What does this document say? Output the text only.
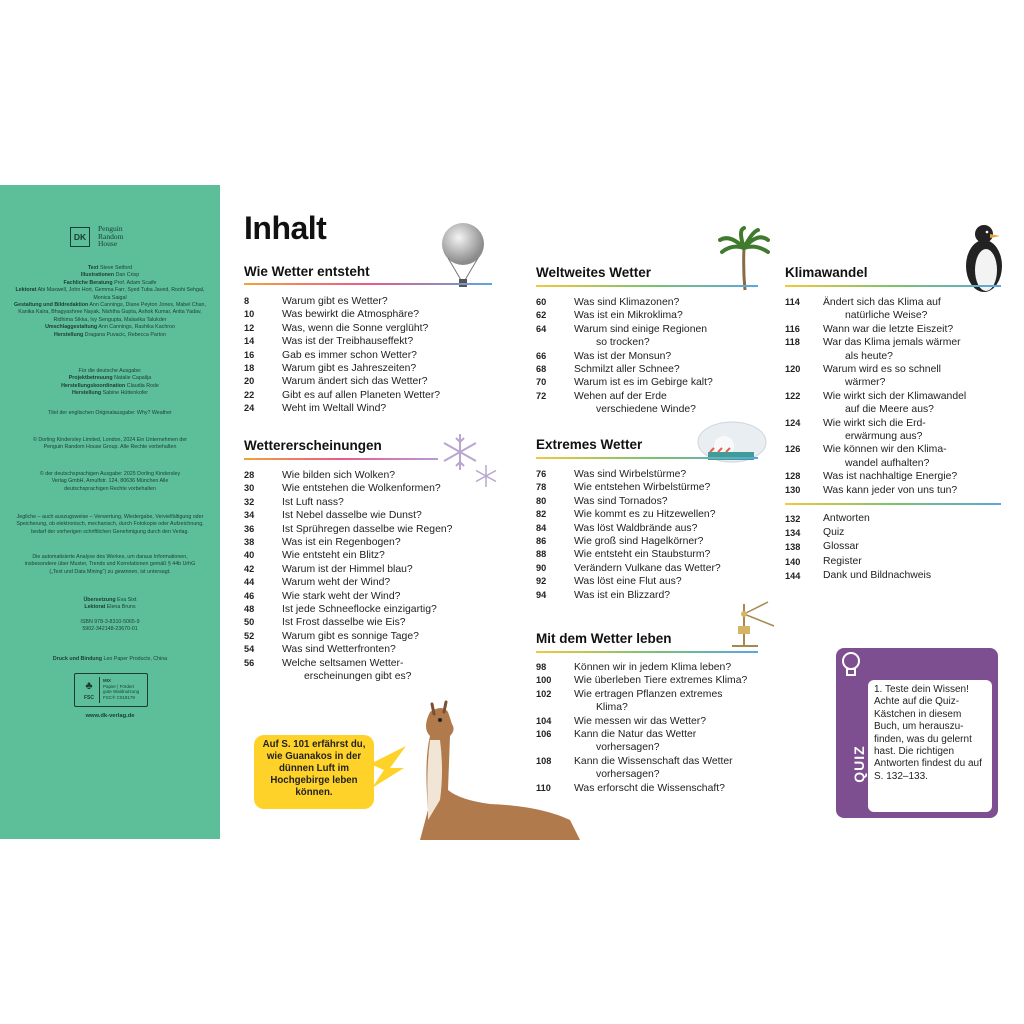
DK
Penguin
Random
House

Text Steve Setford

Illustrationen Dan Crisp

Fachliche Beratung Prof. Adam Scaife

Lektorat Abi Maxwell, John Hort, Gemma Farr, Syed Tuba Javed, Roohi Sehgal, Monica Saigal

Gestaltung und Bildredaktion Ann Cannings, Diane Peyton Jones, Mabel Chan, Kanika Kalra, Bhagyashree Nayak, Nishtha Gupta, Ashok Kumar, Anita Yadav, Ridhima Sikka, Ivy Sengupta, Malavika Talukder

Umschlaggestaltung Ann Cannings, Rashika Kachroo

Herstellung Dragana Puvacic, Rebecca Parton

Für die deutsche Ausgabe:

Projektbetreuung Natalie Capalija

Herstellungskoordination Claudia Rode

Herstellung Sabine Hüttenkofer

Titel der englischen Originalausgabe: Why? Weather
© Dorling Kindersley Limited, London, 2024 Ein Unternehmen der Penguin Random House Group. Alle Rechte vorbehalten
© der deutschsprachigen Ausgabe: 2025 Dorling Kindersley Verlag GmbH, Arnulfstr. 124, 80636 München Alle deutschsprachigen Rechte vorbehalten
Jegliche – auch auszugsweise – Verwertung, Wiedergabe, Vervielfältigung oder Speicherung, ob elektronisch, mechanisch, durch Fotokopie oder Aufzeichnung, bedarf der vorherigen schriftlichen Genehmigung durch den Verlag.
Die automatisierte Analyse des Werkes, um daraus Informationen, insbesondere über Muster, Trends und Korrelationen gemäß § 44b UrhG („Text und Data Mining“) zu gewinnen, ist untersagt.

Übersetzung Eva Sixt

Lektorat Elena Bruns

ISBN 978-3-8310-5065-9

5902-342148-23670-01

Druck und Bindung Leo Paper Products, China

♣
FSC
MIX
Papier | Fördert
gute Waldnutzung
FSC® C018179
www.dk-verlag.de
Inhalt
Auf S. 101 erfährst du, wie Guanakos in der dünnen Luft im Hochgebirge leben können.
Wie Wetter entsteht
8	Warum gibt es Wetter?
10	Was bewirkt die Atmosphäre?
12	Was, wenn die Sonne verglüht?
14	Was ist der Treibhauseffekt?
16	Gab es immer schon Wetter?
18	Warum gibt es Jahreszeiten?
20	Warum ändert sich das Wetter?
22	Gibt es auf allen Planeten Wetter?
24	Weht im Weltall Wind?
Wettererscheinungen
28	Wie bilden sich Wolken?
30	Wie entstehen die Wolkenformen?
32	Ist Luft nass?
34	Ist Nebel dasselbe wie Dunst?
36	Ist Sprühregen dasselbe wie Regen?
38	Was ist ein Regenbogen?
40	Wie entsteht ein Blitz?
42	Warum ist der Himmel blau?
44	Warum weht der Wind?
46	Wie stark weht der Wind?
48	Ist jede Schneeflocke einzigartig?
50	Ist Frost dasselbe wie Eis?
52	Warum gibt es sonnige Tage?
54	Was sind Wetterfronten?
56	Welche seltsamen Wetter-
erscheinungen gibt es?
Weltweites Wetter
60	Was sind Klimazonen?
62	Was ist ein Mikroklima?
64	Warum sind einige Regionen
so trocken?
66	Was ist der Monsun?
68	Schmilzt aller Schnee?
70	Warum ist es im Gebirge kalt?
72	Wehen auf der Erde
verschiedene Winde?
Extremes Wetter
76	Was sind Wirbelstürme?
78	Wie entstehen Wirbelstürme?
80	Was sind Tornados?
82	Wie kommt es zu Hitzewellen?
84	Was löst Waldbrände aus?
86	Wie groß sind Hagelkörner?
88	Wie entsteht ein Staubsturm?
90	Verändern Vulkane das Wetter?
92	Was löst eine Flut aus?
94	Was ist ein Blizzard?
Mit dem Wetter leben
98	Können wir in jedem Klima leben?
100	Wie überleben Tiere extremes Klima?
102	Wie ertragen Pflanzen extremes
Klima?
104	Wie messen wir das Wetter?
106	Kann die Natur das Wetter
vorhersagen?
108	Kann die Wissenschaft das Wetter
vorhersagen?
110	Was erforscht die Wissenschaft?
Klimawandel
114	Ändert sich das Klima auf
natürliche Weise?
116	Wann war die letzte Eiszeit?
118	War das Klima jemals wärmer
als heute?
120	Warum wird es so schnell
wärmer?
122	Wie wirkt sich der Klimawandel
auf die Meere aus?
124	Wie wirkt sich die Erd-
erwärmung aus?
126	Wie können wir den Klima-
wandel aufhalten?
128	Was ist nachhaltige Energie?
130	Was kann jeder von uns tun?
132	Antworten
134	Quiz
138	Glossar
140	Register
144	Dank und Bildnachweis
QUIZ
1. Teste dein Wissen! Achte auf die Quiz-Kästchen in diesem Buch, um herauszu-finden, was du gelernt hast. Die richtigen Antworten findest du auf S. 132–133.
